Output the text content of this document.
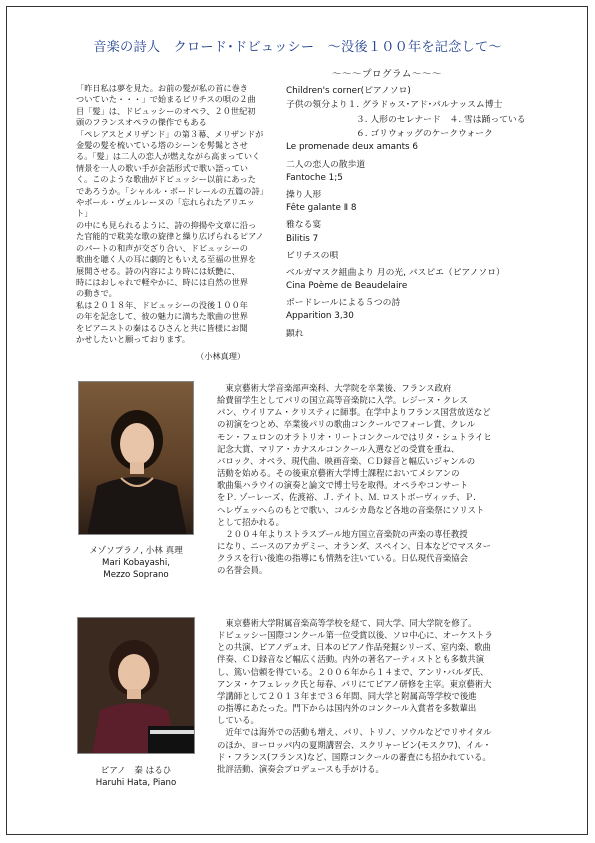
音楽の詩人　クロード･ドビュッシー　～没後１００年を記念して～
～～～プログラム～～～

「昨日私は夢を見た。お前の髪が私の首に巻き

ついていた・・・」で始まるビリチスの唄の２曲

目「髪」は、ドビュッシーのオペラ、２０世紀初

頭のフランスオペラの傑作でもある

「ペレアスとメリザンド」の第３幕、メリザンドが

金髪の髪を梳いている塔のシーンを髣髴とさせ

る。「髪」は二人の恋人が燃えながら高まっていく

情景を一人の歌い手が会話形式で歌い語ってい

く。このような歌曲がドビュッシー以前にあった

であろうか。「シャルル・ボードレールの五篇の詩」

やポール・ヴェルレーヌの「忘れられたアリエット」

の中にも見られるように、詩の抑揚や文章に沿っ

た官能的で耽美な歌の旋律と繰り広げられるピアノ

のパートの和声が交ざり合い、ドビュッシーの

歌曲を聴く人の耳に劇的ともいえる至福の世界を

展開させる。詩の内容により時には妖艶に、

時にはおしゃれで軽やかに、時には自然の世界

の動きで。

私は２０１８年、ドビュッシーの没後１００年

の年を記念して、彼の魅力に満ちた歌曲の世界

をピアニストの秦はるひさんと共に皆様にお聞

かせしたいと願っております。

（小林真理）
Children's corner(ピアノソロ)
子供の領分より１. グラドゥス･アド･パルナッスム博士
３. 人形のセレナード　４. 雪は踊っている
６. ゴリウォッグのケークウォーク
Le promenade deux amants 6
二人の恋人の散歩道
Fantoche 1;5
操り人形
Fête galante Ⅱ 8
雅なる宴
Bilitis 7
ビリチスの唄
ベルガマスク組曲より 月の光, パスピエ（ピアノソロ）
Cina Poème de Beaudelaire
ボードレールによる５つの詩
Apparition 3,30
顕れ
メゾソプラノ, 小林 真理
Mari Kobayashi,
Mezzo Soprano

　東京藝術大学音楽部声楽科、大学院を卒業後、フランス政府

給費留学生としてパリの国立高等音楽院に入学。レジーヌ・クレス

パン、ウイリアム・クリスティに師事。在学中よりフランス国営放送など

の初演をつとめ、卒業後パリの歌曲コンクールでフォーレ賞、クレル

モン・フェロンのオラトリオ・リートコンクールではリタ・シュトライヒ

記念大賞、マリア・カナスルコンクール入選などの受賞を重ね、

バロック、オペラ、現代曲、映画音楽、ＣＤ録音と幅広いジャンルの

活動を始める。その後東京藝術大学博士課程においてメシアンの

歌曲集ハラウイの演奏と論文で博士号を取得。オペラやコンサート

をＰ. ゾーレーズ、佐渡裕、Ｊ. テイト、Ｍ. ロストボーヴィッチ、Ｐ.

ヘレヴェッヘらのもとで歌い、コルシカ島など各地の音楽祭にソリスト

として招かれる。

　２００４年よりストラスブール地方国立音楽院の声楽の専任教授

になり、ニースのアカデミー、オランダ、スペイン、日本などでマスター

クラスを行い後進の指導にも情熱を注いている。日仏現代音楽協会

の名誉会員。

ピアノ　秦 はるひ
Haruhi Hata, Piano

　東京藝術大学附属音楽高等学校を経て、同大学、同大学院を修了。

ドビュッシー国際コンクール第一位受賞以後、ソロ中心に、オーケストラ

との共演、ピアノデュオ、日本のピアノ作品発掘シリーズ、室内楽、歌曲

伴奏、ＣＤ録音など幅広く活動。内外の著名アーティストとも多数共演

し、篤い信頼を得ている。２００６年から１４まで、アンリ･バルダ氏、

アンヌ・ケフェレック氏と毎春、パリにてピアノ研修を主宰。東京藝術大

学講師として２０１３年まで３６年間、同大学と附属高等学校で後進

の指導にあたった。門下からは国内外のコンクール入賞者を多数輩出

している。

　近年では海外での活動も増え、パリ、トリノ、ソウルなどでリサイタル

のほか、ヨーロッパ内の夏期講習会、スクリャービン(モスクワ)、イル・

ド・フランス(フランス)など、国際コンクールの審査にも招かれている。

批評活動、演奏会プロデュースも手がける。
